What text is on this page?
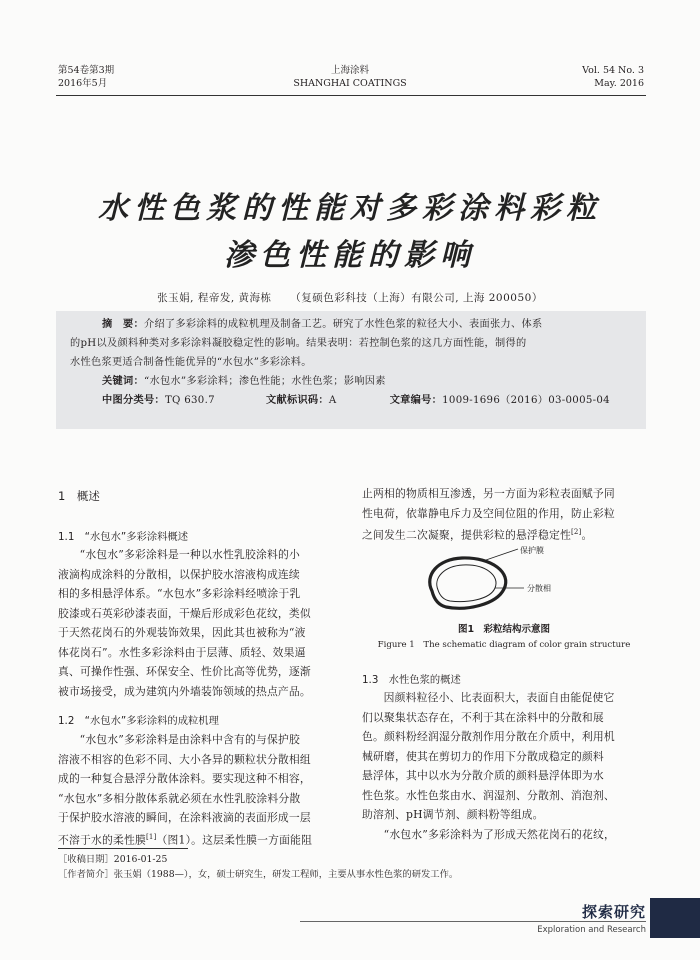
第54卷第3期
2016年5月
上海涂料
SHANGHAI COATINGS
Vol. 54 No. 3
May. 2016
水性色浆的性能对多彩涂料彩粒
渗色性能的影响
张玉娟, 程帝发, 黄海栋 　 （复硕色彩科技（上海）有限公司, 上海 200050）
摘　要：介绍了多彩涂料的成粒机理及制备工艺。研究了水性色浆的粒径大小、表面张力、体系
的pH以及颜料种类对多彩涂料凝胶稳定性的影响。结果表明：若控制色浆的这几方面性能，制得的
水性色浆更适合制备性能优异的“水包水”多彩涂料。
关键词：“水包水”多彩涂料；渗色性能；水性色浆；影响因素
中图分类号：TQ 630.7	文献标识码：A	文章编号：1009-1696（2016）03-0005-04
1　概述
1.1　“水包水”多彩涂料概述
“水包水”多彩涂料是一种以水性乳胶涂料的小
液滴构成涂料的分散相，以保护胶水溶液构成连续
相的多相悬浮体系。“水包水”多彩涂料经喷涂于乳
胶漆或石英彩砂漆表面，干燥后形成彩色花纹，类似
于天然花岗石的外观装饰效果，因此其也被称为“液
体花岗石”。水性多彩涂料由于层薄、质轻、效果逼
真、可操作性强、环保安全、性价比高等优势，逐渐
被市场接受，成为建筑内外墙装饰领域的热点产品。
1.2　“水包水”多彩涂料的成粒机理
“水包水”多彩涂料是由涂料中含有的与保护胶
溶液不相容的色彩不同、大小各异的颗粒状分散相组
成的一种复合悬浮分散体涂料。要实现这种不相容，
“水包水”多相分散体系就必须在水性乳胶涂料分散
于保护胶水溶液的瞬间，在涂料液滴的表面形成一层
不溶于水的柔性膜[1]（图1）。这层柔性膜一方面能阻
止两相的物质相互渗透，另一方面为彩粒表面赋予同
性电荷，依靠静电斥力及空间位阻的作用，防止彩粒
之间发生二次凝聚，提供彩粒的悬浮稳定性[2]。
保护膜
分散相
图1　彩粒结构示意图
Figure 1　The schematic diagram of color grain structure
1.3　水性色浆的概述
因颜料粒径小、比表面积大，表面自由能促使它
们以聚集状态存在，不利于其在涂料中的分散和展
色。颜料粉经润湿分散剂作用分散在介质中，利用机
械研磨，使其在剪切力的作用下分散成稳定的颜料
悬浮体，其中以水为分散介质的颜料悬浮体即为水
性色浆。水性色浆由水、润湿剂、分散剂、消泡剂、
助溶剂、pH调节剂、颜料粉等组成。
“水包水”多彩涂料为了形成天然花岗石的花纹，
［收稿日期］2016-01-25
［作者简介］张玉娟（1988—），女，硕士研究生，研发工程师，主要从事水性色浆的研发工作。
探索研究
Exploration and Research
